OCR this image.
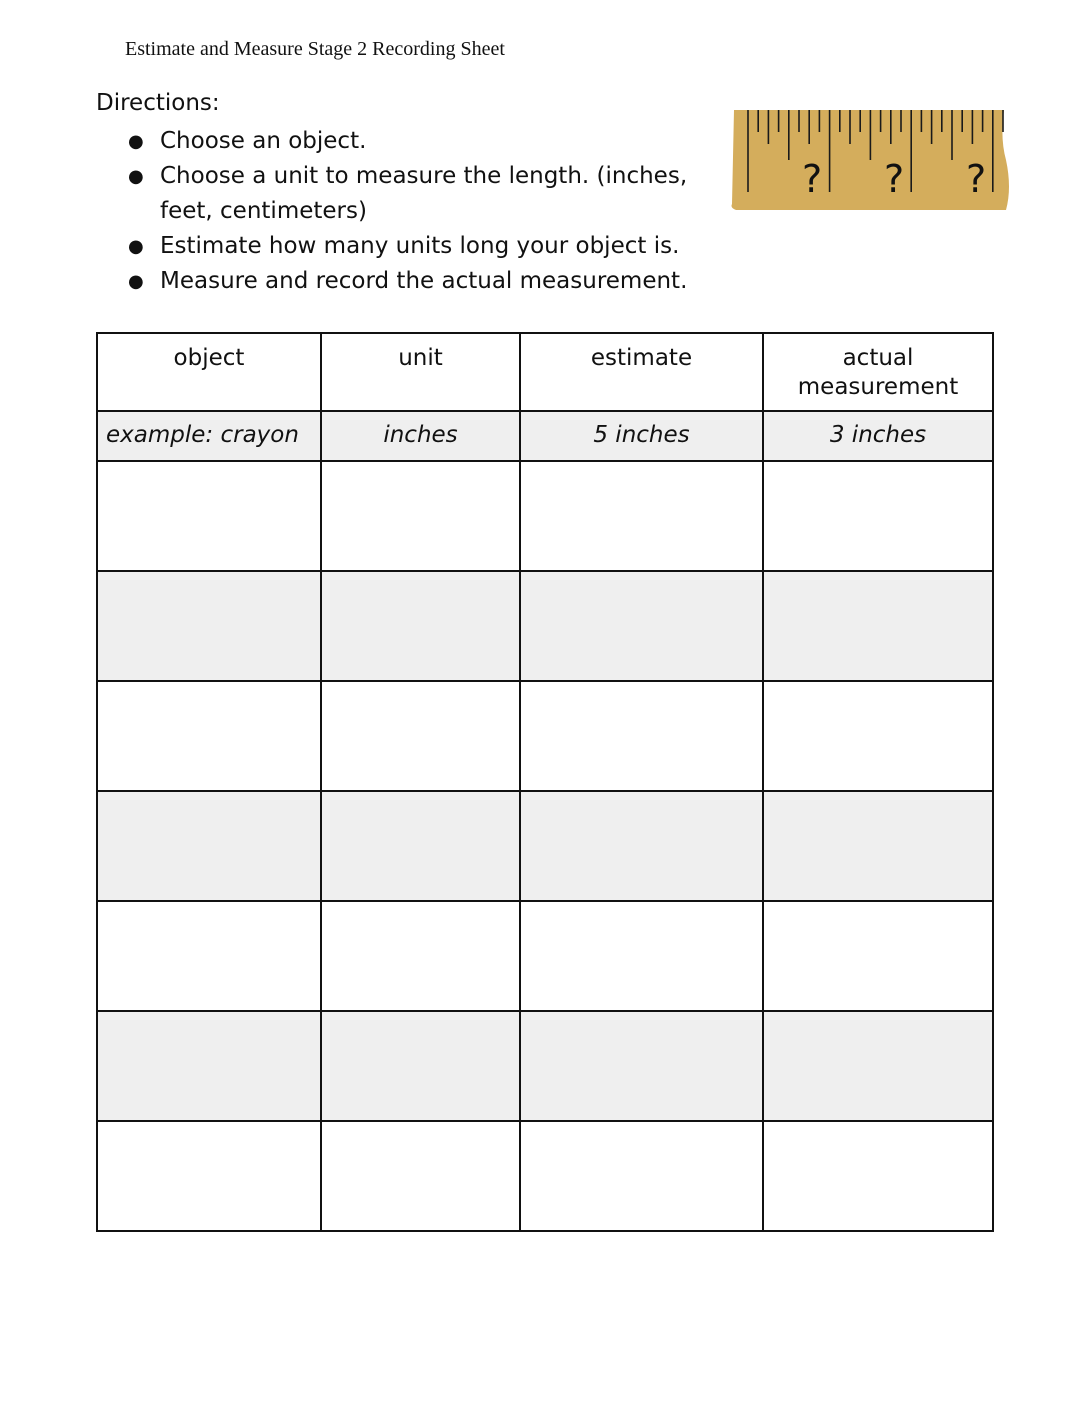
Estimate and Measure Stage 2 Recording Sheet
Directions:
● Choose an object.
● Choose a unit to measure the length. (inches, feet, centimeters)
● Estimate how many units long your object is.
● Measure and record the actual measurement.
? ? ?
object	unit	estimate	actual measurement
example: crayon	inches	5 inches	3 inches
